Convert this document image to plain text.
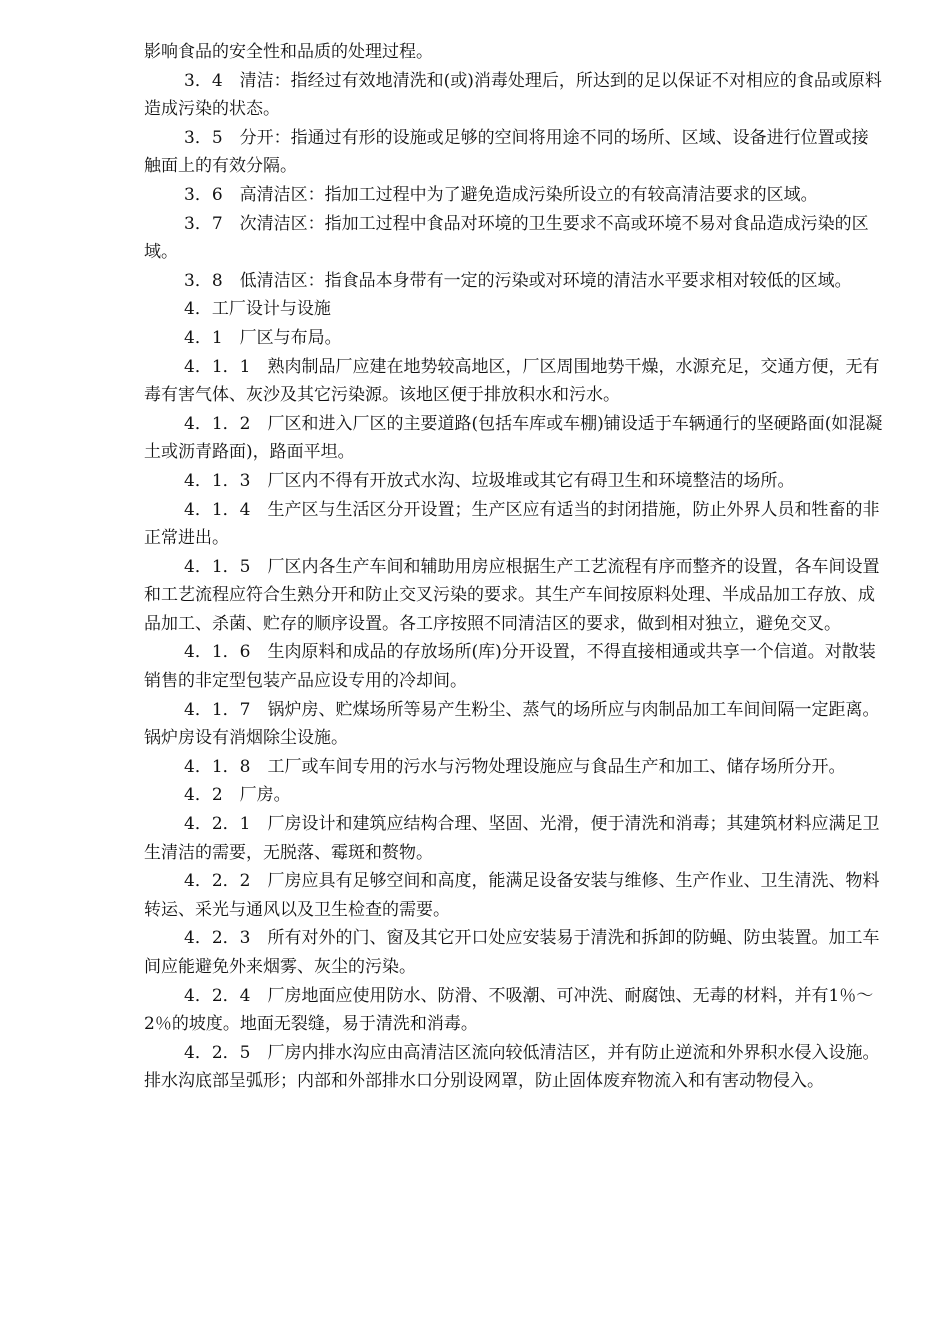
影响食品的安全性和品质的处理过程。

3．4　清洁：指经过有效地清洗和(或)消毒处理后，所达到的足以保证不对相应的食品或原料造成污染的状态。

3．5　分开：指通过有形的设施或足够的空间将用途不同的场所、区域、设备进行位置或接触面上的有效分隔。

3．6　高清洁区：指加工过程中为了避免造成污染所设立的有较高清洁要求的区域。

3．7　次清洁区：指加工过程中食品对环境的卫生要求不高或环境不易对食品造成污染的区域。

3．8　低清洁区：指食品本身带有一定的污染或对环境的清洁水平要求相对较低的区域。

4．工厂设计与设施

4．1　厂区与布局。

4．1．1　熟肉制品厂应建在地势较高地区，厂区周围地势干燥，水源充足，交通方便，无有毒有害气体、灰沙及其它污染源。该地区便于排放积水和污水。

4．1．2　厂区和进入厂区的主要道路(包括车库或车棚)铺设适于车辆通行的坚硬路面(如混凝土或沥青路面)，路面平坦。

4．1．3　厂区内不得有开放式水沟、垃圾堆或其它有碍卫生和环境整洁的场所。

4．1．4　生产区与生活区分开设置；生产区应有适当的封闭措施，防止外界人员和牲畜的非正常进出。

4．1．5　厂区内各生产车间和辅助用房应根据生产工艺流程有序而整齐的设置，各车间设置和工艺流程应符合生熟分开和防止交叉污染的要求。其生产车间按原料处理、半成品加工存放、成品加工、杀菌、贮存的顺序设置。各工序按照不同清洁区的要求，做到相对独立，避免交叉。

4．1．6　生肉原料和成品的存放场所(库)分开设置，不得直接相通或共享一个信道。对散装销售的非定型包装产品应设专用的冷却间。

4．1．7　锅炉房、贮煤场所等易产生粉尘、蒸气的场所应与肉制品加工车间间隔一定距离。锅炉房设有消烟除尘设施。

4．1．8　工厂或车间专用的污水与污物处理设施应与食品生产和加工、储存场所分开。

4．2　厂房。

4．2．1　厂房设计和建筑应结构合理、坚固、光滑，便于清洗和消毒；其建筑材料应满足卫生清洁的需要，无脱落、霉斑和赘物。

4．2．2　厂房应具有足够空间和高度，能满足设备安装与维修、生产作业、卫生清洗、物料转运、采光与通风以及卫生检查的需要。

4．2．3　所有对外的门、窗及其它开口处应安装易于清洗和拆卸的防蝇、防虫装置。加工车间应能避免外来烟雾、灰尘的污染。

4．2．4　厂房地面应使用防水、防滑、不吸潮、可冲洗、耐腐蚀、无毒的材料，并有1％～2％的坡度。地面无裂缝，易于清洗和消毒。

4．2．5　厂房内排水沟应由高清洁区流向较低清洁区，并有防止逆流和外界积水侵入设施。排水沟底部呈弧形；内部和外部排水口分别设网罩，防止固体废弃物流入和有害动物侵入。
